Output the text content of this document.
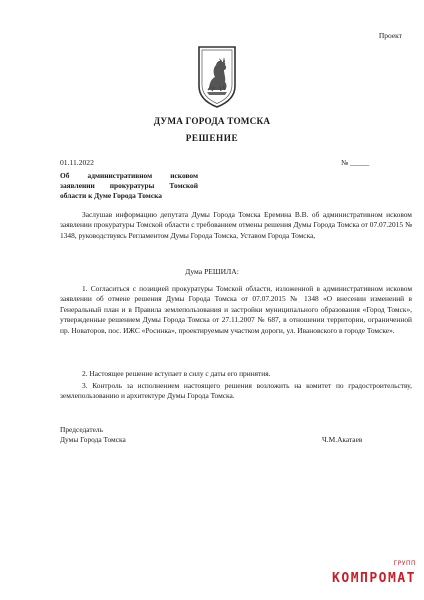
Проект
ДУМА ГОРОДА ТОМСКА
РЕШЕНИЕ
01.11.2022	№ _____
Об административном исковом заявлении прокуратуры Томской области к Думе Города Томска

Заслушав информацию депутата Думы Города Томска Еремина В.В. об административном исковом заявлении прокуратуры Томской области с требованием отмены решения Думы Города Томска от 07.07.2015 № 1348, руководствуясь Регламентом Думы Города Томска, Уставом Города Томска,

Дума РЕШИЛА:

1. Согласиться с позицией прокуратуры Томской области, изложенной в административном исковом заявлении об отмене решения Думы Города Томска от 07.07.2015 № 1348 «О внесении изменений в Генеральный план и в Правила землепользования и застройки муниципального образования «Город Томск», утвержденные решением Думы Города Томска от 27.11.2007 № 687, в отношении территории, ограниченной пр. Новаторов, пос. ИЖС «Росинка», проектируемым участком дороги, ул. Ивановского в городе Томске».

2. Настоящее решение вступает в силу с даты его принятия.

3. Контроль за исполнением настоящего решения возложить на комитет по градостроительству, землепользованию и архитектуре Думы Города Томска.

Председатель
Думы Города Томска	Ч.М.Акатаев
ГРУПП
КОМПРОМАТ
